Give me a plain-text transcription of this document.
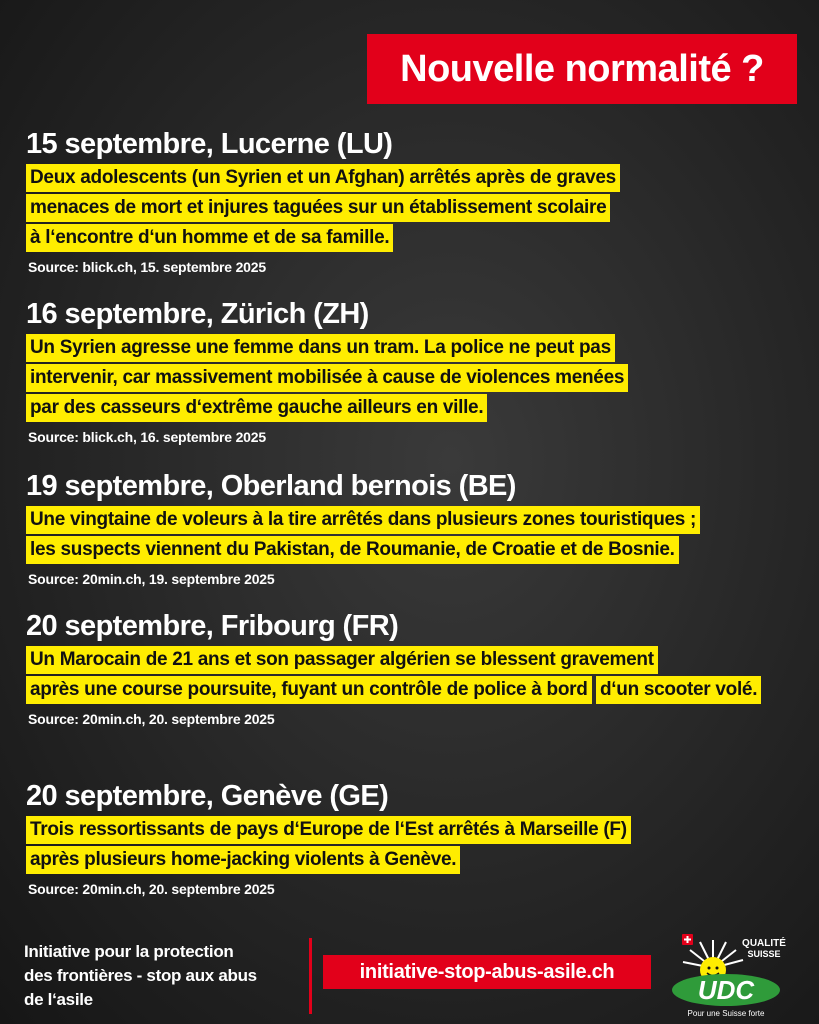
Nouvelle normalité ?
15 septembre, Lucerne (LU)
Deux adolescents (un Syrien et un Afghan) arrêtés après de graves menaces de mort et injures taguées sur un établissement scolaire à l‘encontre d‘un homme et de sa famille.
Source: blick.ch, 15. septembre 2025
16 septembre, Zürich (ZH)
Un Syrien agresse une femme dans un tram. La police ne peut pas intervenir, car massivement mobilisée à cause de violences menées par des casseurs d‘extrême gauche ailleurs en ville.
Source: blick.ch, 16. septembre 2025
19 septembre, Oberland bernois (BE)
Une vingtaine de voleurs à la tire arrêtés dans plusieurs zones touristiques ; les suspects viennent du Pakistan, de Roumanie, de Croatie et de Bosnie.
Source: 20min.ch, 19. septembre 2025
20 septembre, Fribourg (FR)
Un Marocain de 21 ans et son passager algérien se blessent gravement après une course poursuite, fuyant un contrôle de police à bord d‘un scooter volé.
Source: 20min.ch, 20. septembre 2025
20 septembre, Genève (GE)
Trois ressortissants de pays d‘Europe de l‘Est arrêtés à Marseille (F) après plusieurs home-jacking violents à Genève.
Source: 20min.ch, 20. septembre 2025
Initiative pour la protection
des frontières - stop aux abus
de l‘asile
initiative-stop-abus-asile.ch
QUALITÉ
SUISSE
UDC
Pour une Suisse forte
